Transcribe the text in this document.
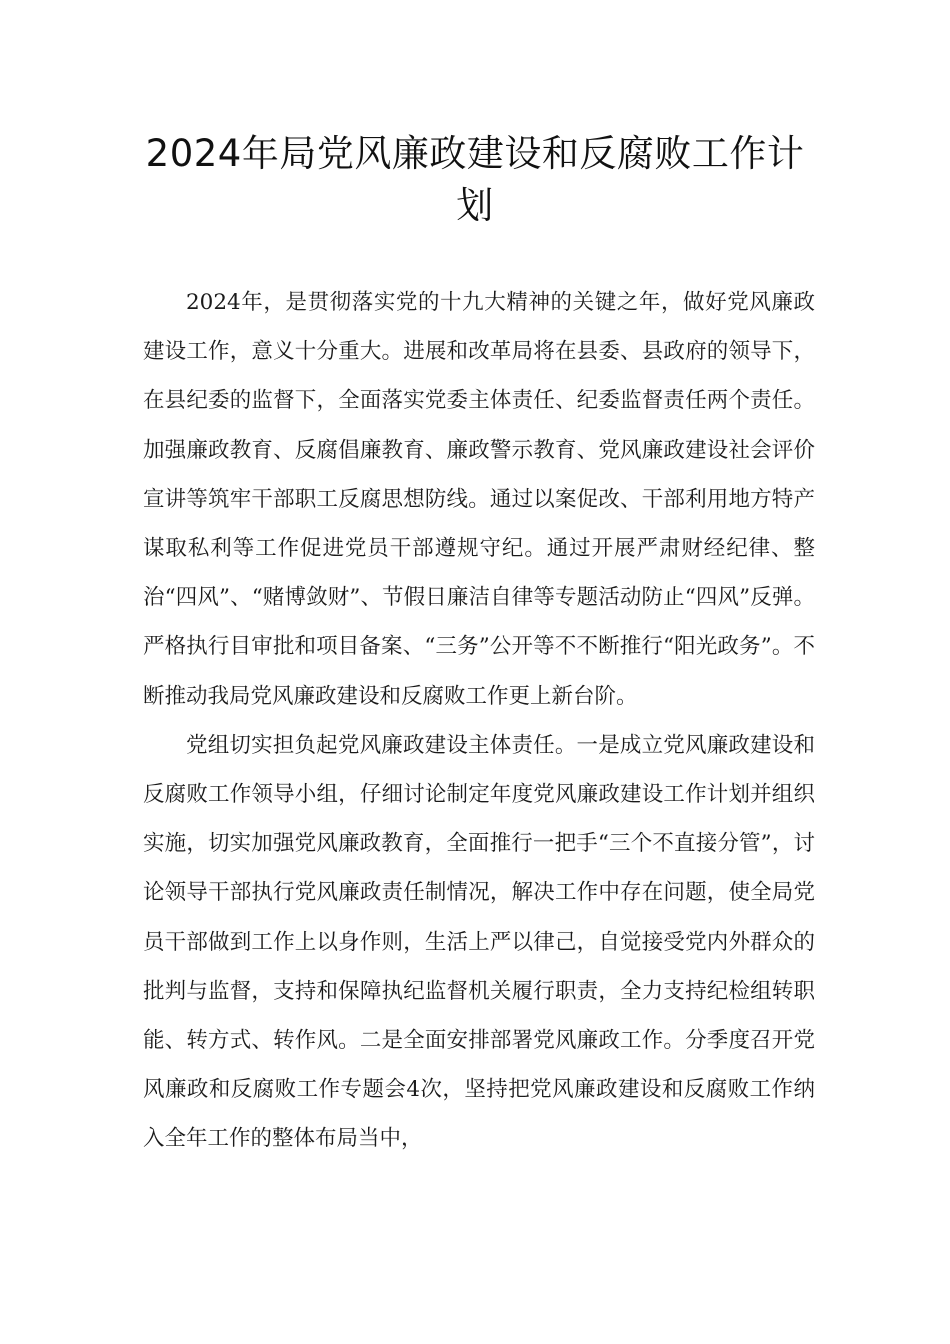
2024年局党风廉政建设和反腐败工作计划

2024年，是贯彻落实党的十九大精神的关键之年，做好党风廉政建设工作，意义十分重大。进展和改革局将在县委、县政府的领导下，在县纪委的监督下，全面落实党委主体责任、纪委监督责任两个责任。加强廉政教育、反腐倡廉教育、廉政警示教育、党风廉政建设社会评价宣讲等筑牢干部职工反腐思想防线。通过以案促改、干部利用地方特产谋取私利等工作促进党员干部遵规守纪。通过开展严肃财经纪律、整治“四风”、“赌博敛财”、节假日廉洁自律等专题活动防止“四风”反弹。严格执行目审批和项目备案、“三务”公开等不不断推行“阳光政务”。不断推动我局党风廉政建设和反腐败工作更上新台阶。

党组切实担负起党风廉政建设主体责任。一是成立党风廉政建设和反腐败工作领导小组，仔细讨论制定年度党风廉政建设工作计划并组织实施，切实加强党风廉政教育，全面推行一把手“三个不直接分管”，讨论领导干部执行党风廉政责任制情况，解决工作中存在问题，使全局党员干部做到工作上以身作则，生活上严以律己，自觉接受党内外群众的批判与监督，支持和保障执纪监督机关履行职责，全力支持纪检组转职能、转方式、转作风。二是全面安排部署党风廉政工作。分季度召开党风廉政和反腐败工作专题会4次，坚持把党风廉政建设和反腐败工作纳入全年工作的整体布局当中，
